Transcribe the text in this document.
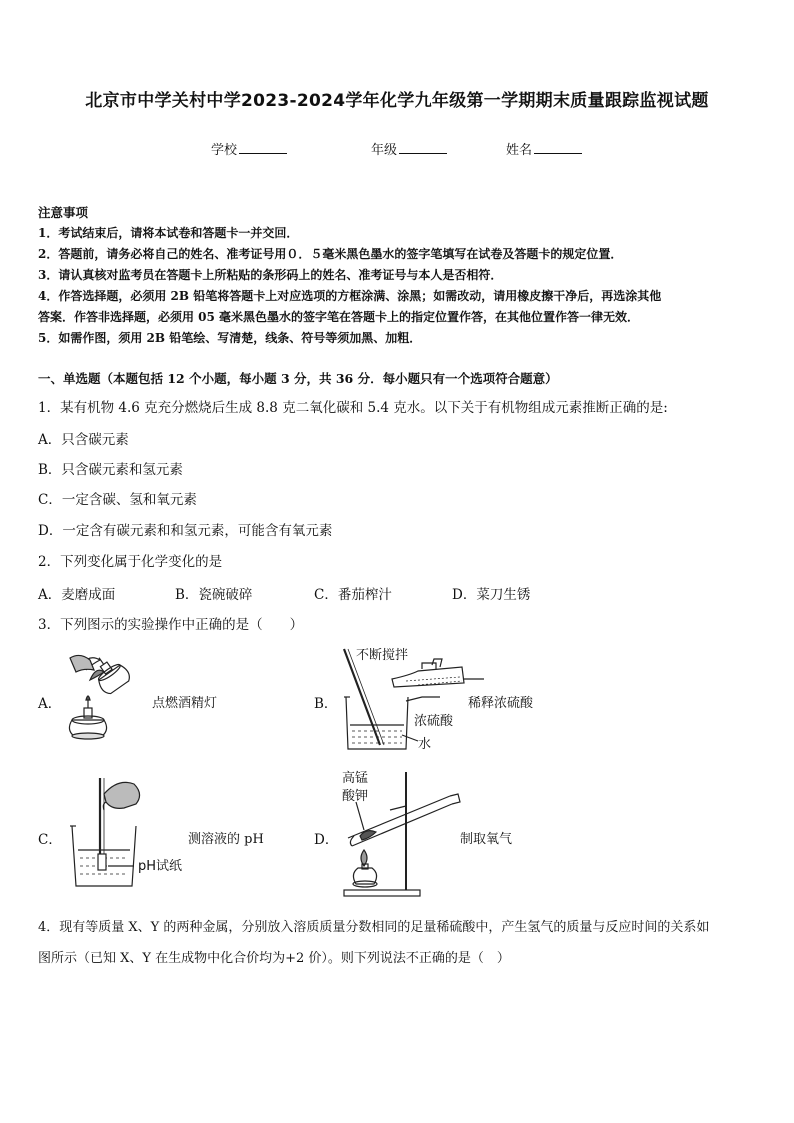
北京市中学关村中学2023-2024学年化学九年级第一学期期末质量跟踪监视试题
学校	年级	姓名
注意事项
1．考试结束后，请将本试卷和答题卡一并交回．
2．答题前，请务必将自己的姓名、准考证号用０．５毫米黑色墨水的签字笔填写在试卷及答题卡的规定位置．
3．请认真核对监考员在答题卡上所粘贴的条形码上的姓名、准考证号与本人是否相符．
4．作答选择题，必须用 2B 铅笔将答题卡上对应选项的方框涂满、涂黑；如需改动，请用橡皮擦干净后，再选涂其他
答案．作答非选择题，必须用 05 毫米黑色墨水的签字笔在答题卡上的指定位置作答，在其他位置作答一律无效．
5．如需作图，须用 2B 铅笔绘、写清楚，线条、符号等须加黑、加粗．
一、单选题（本题包括 12 个小题，每小题 3 分，共 36 分．每小题只有一个选项符合题意）
1．某有机物 4.6 克充分燃烧后生成 8.8 克二氧化碳和 5.4 克水。以下关于有机物组成元素推断正确的是:
A．只含碳元素
B．只含碳元素和氢元素
C．一定含碳、氢和氧元素
D．一定含有碳元素和和氢元素，可能含有氧元素
2．下列变化属于化学变化的是
A．麦磨成面	B．瓷碗破碎	C．番茄榨汁	D．菜刀生锈
3．下列图示的实验操作中正确的是（　　）
A．	点燃酒精灯	B．
不断搅拌
浓硫酸
水
稀释浓硫酸
C．
pH试纸
测溶液的 pH	D．
高锰
酸钾
制取氧气
4．现有等质量 X、Y 的两种金属，分别放入溶质质量分数相同的足量稀硫酸中，产生氢气的质量与反应时间的关系如
图所示（已知 X、Y 在生成物中化合价均为+2 价）。则下列说法不正确的是（　）
